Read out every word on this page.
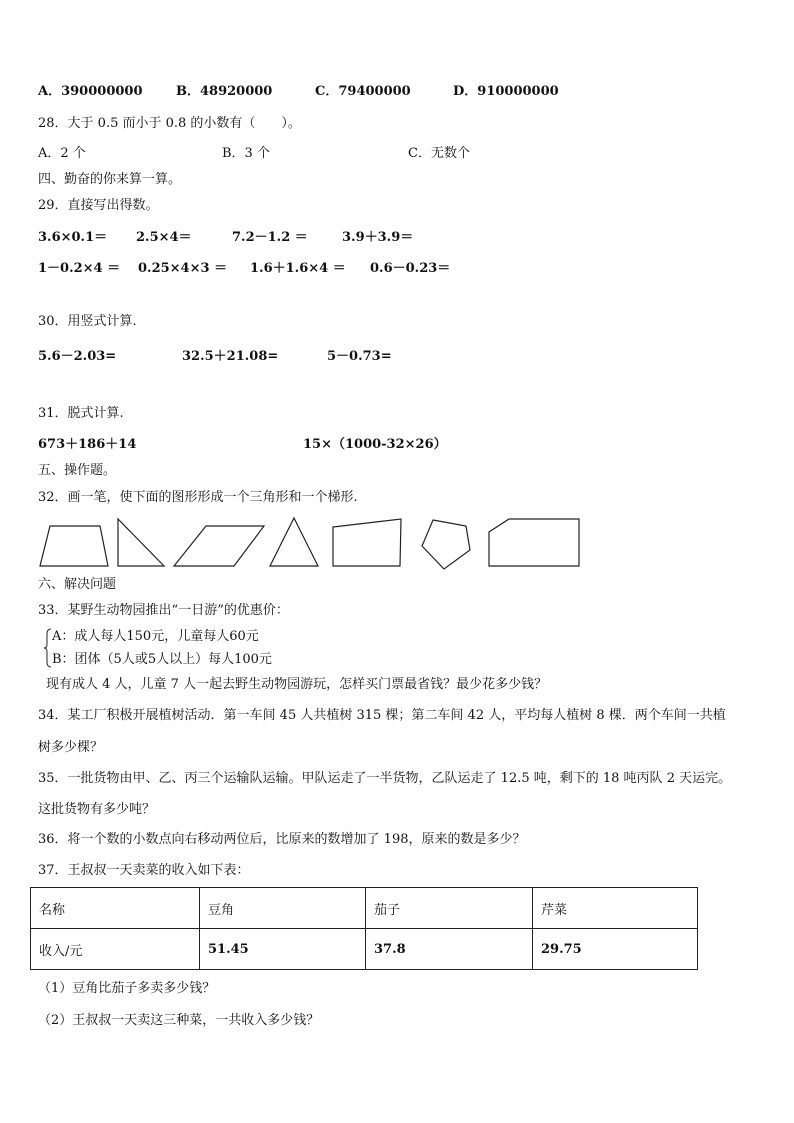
A．390000000	B．48920000	C．79400000	D．910000000
28．大于 0.5 而小于 0.8 的小数有（　　）。
A．2 个	B．3 个	C．无数个
四、勤奋的你来算一算。
29．直接写出得数。
3.6×0.1＝ 2.5×4＝	7.2－1.2 ＝	3.9＋3.9＝
1－0.2×4 ＝ 0.25×4×3 ＝ 1.6＋1.6×4 ＝ 0.6－0.23＝
30．用竖式计算.
5.6－2.03=	32.5＋21.08=	5－0.73=
31．脱式计算.
673＋186＋14	15×（1000-32×26）
五、操作题。
32．画一笔，使下面的图形形成一个三角形和一个梯形.
六、解决问题
33．某野生动物园推出“一日游”的优惠价：
A：成人每人150元，儿童每人60元
B：团体（5人或5人以上）每人100元
现有成人 4 人，儿童 7 人一起去野生动物园游玩，怎样买门票最省钱？最少花多少钱？
34．某工厂积极开展植树活动．第一车间 45 人共植树 315 棵；第二车间 42 人，平均每人植树 8 棵．两个车间一共植
树多少棵？
35．一批货物由甲、乙、丙三个运输队运输。甲队运走了一半货物，乙队运走了 12.5 吨，剩下的 18 吨丙队 2 天运完。
这批货物有多少吨？
36．将一个数的小数点向右移动两位后，比原来的数增加了 198，原来的数是多少？
37．王叔叔一天卖菜的收入如下表：
名称	豆角	茄子	芹菜
收入/元	51.45	37.8	29.75
（1）豆角比茄子多卖多少钱？
（2）王叔叔一天卖这三种菜，一共收入多少钱？
